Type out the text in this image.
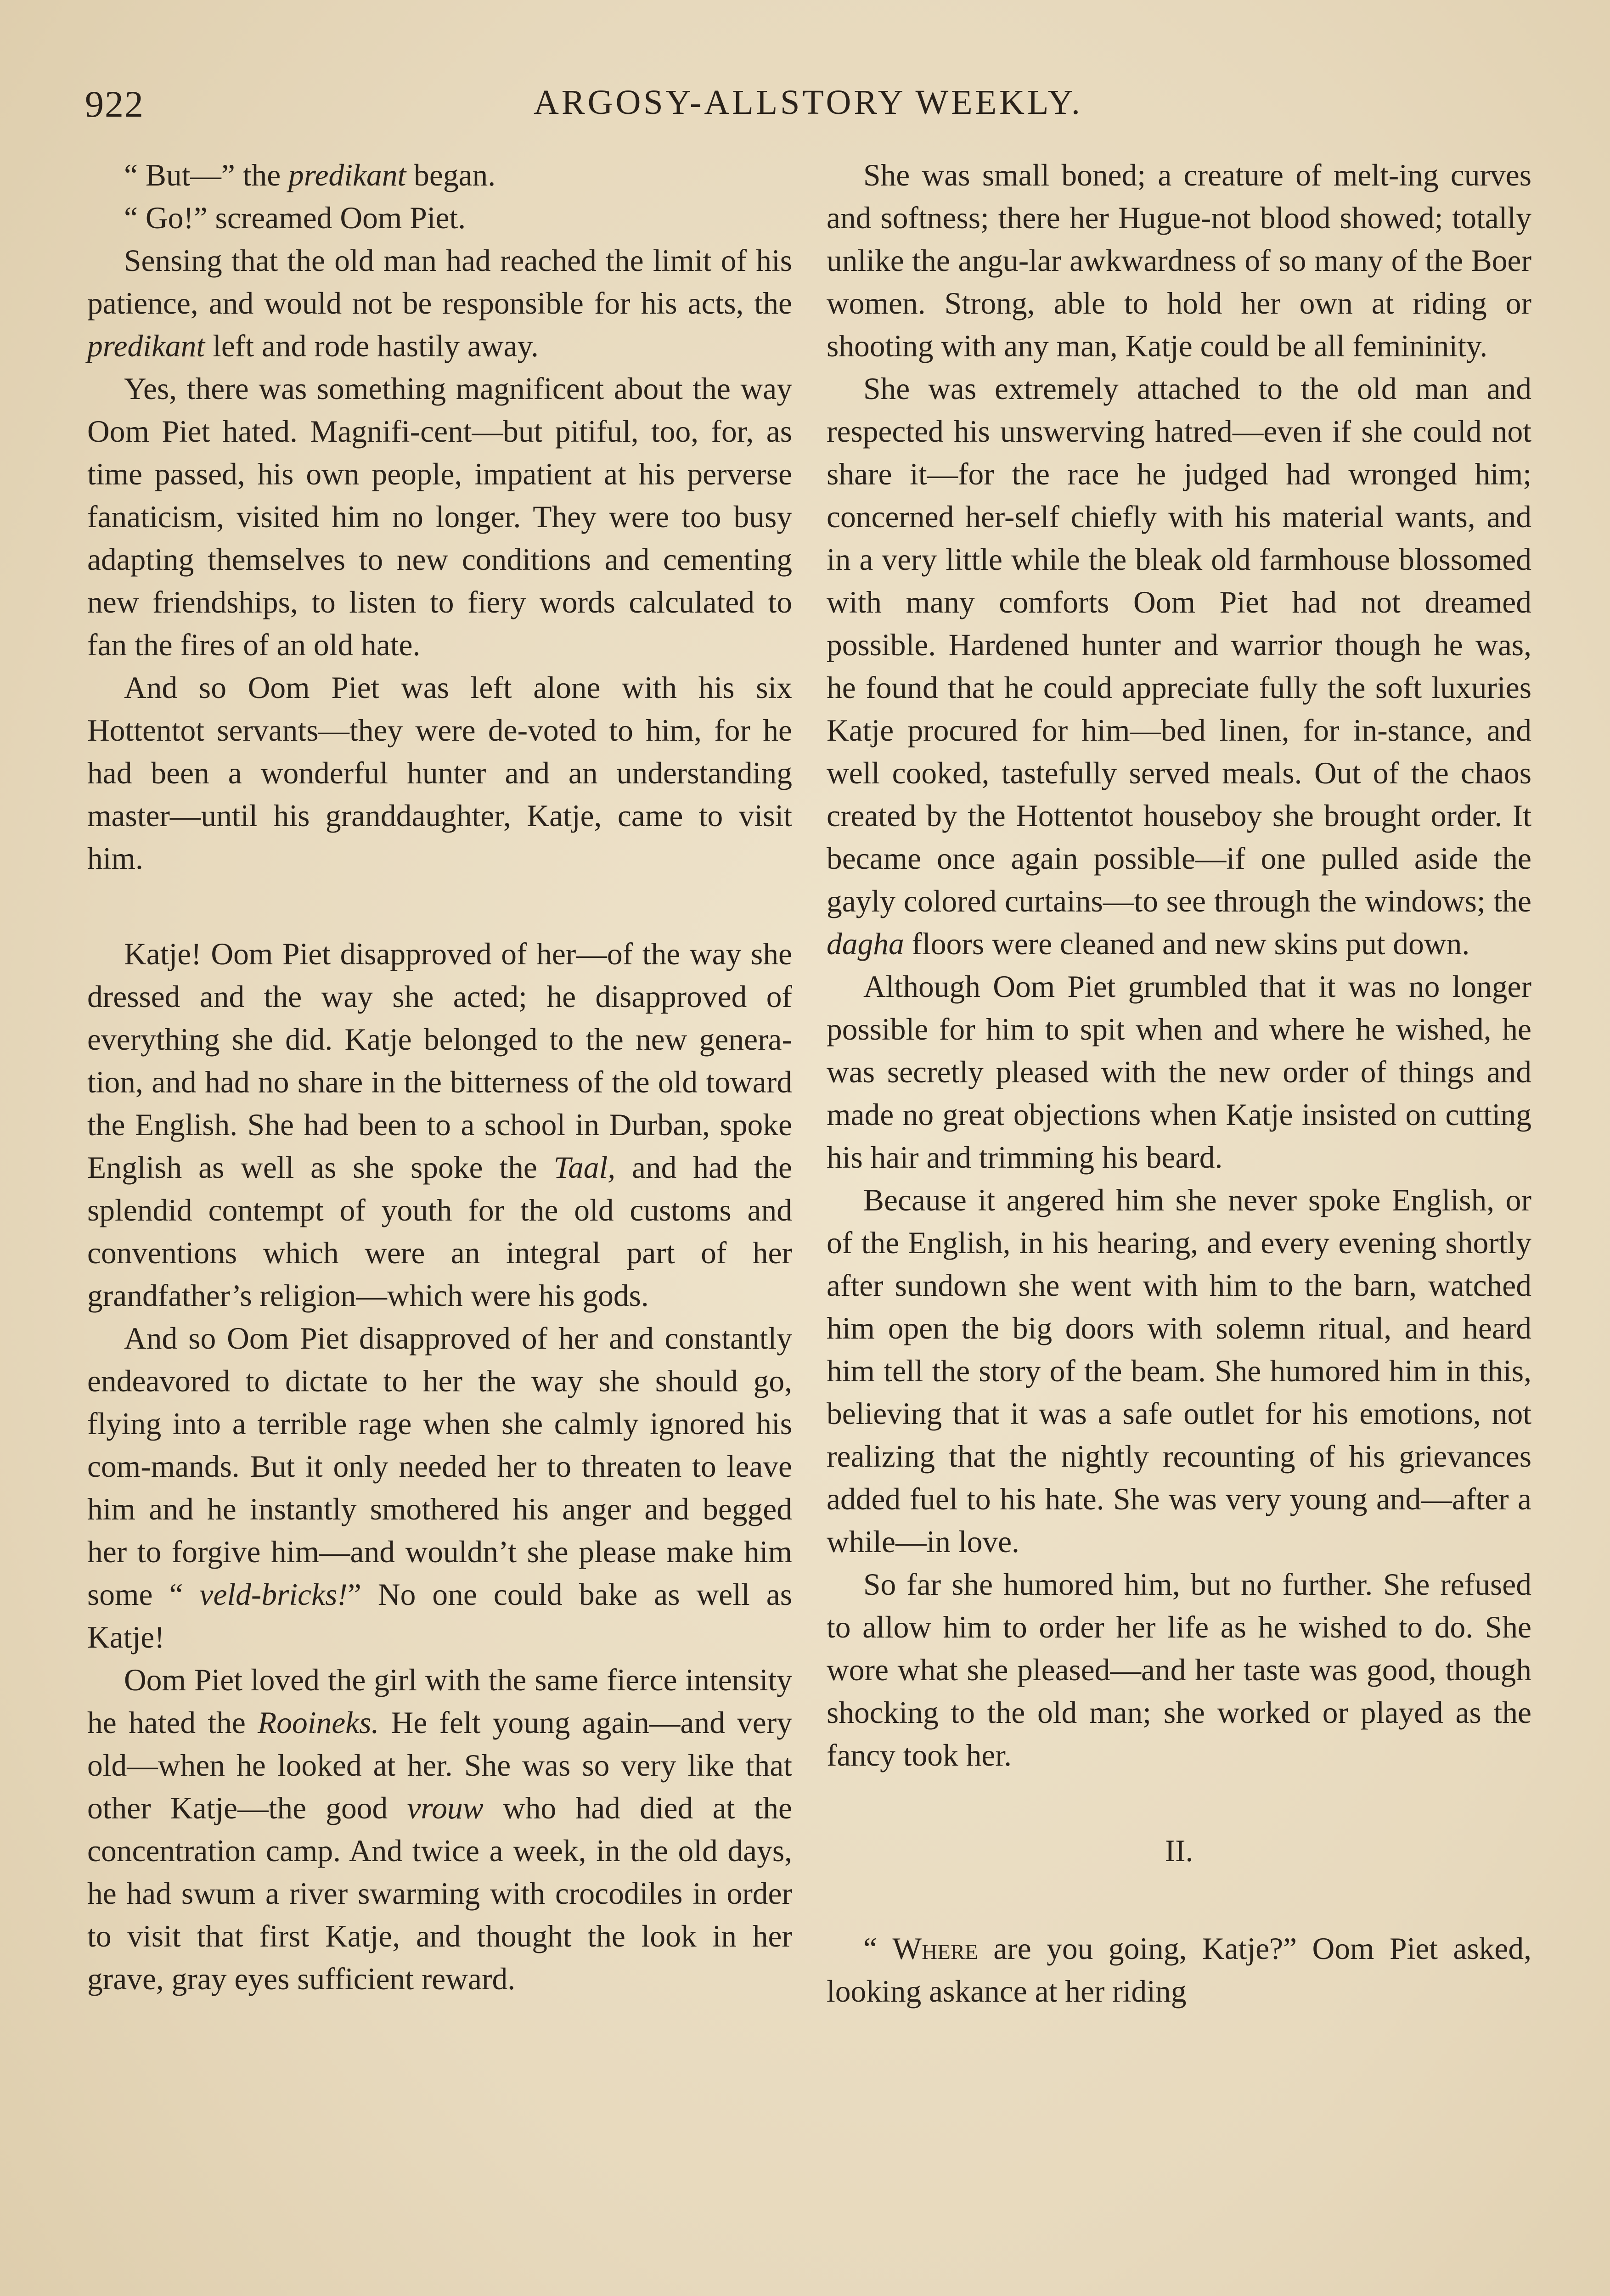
922	ARGOSY-ALLSTORY WEEKLY.

“ But—” the predikant began.

“ Go!” screamed Oom Piet.

Sensing that the old man had reached the limit of his patience, and would not be responsible for his acts, the predikant left and rode hastily away.

Yes, there was something magnificent about the way Oom Piet hated. Magnifi-cent—but pitiful, too, for, as time passed, his own people, impatient at his perverse fanaticism, visited him no longer. They were too busy adapting themselves to new conditions and cementing new friendships, to listen to fiery words calculated to fan the fires of an old hate.

And so Oom Piet was left alone with his six Hottentot servants—they were de-voted to him, for he had been a wonderful hunter and an understanding master—until his granddaughter, Katje, came to visit him.

Katje! Oom Piet disapproved of her—of the way she dressed and the way she acted; he disapproved of everything she did. Katje belonged to the new genera-tion, and had no share in the bitterness of the old toward the English. She had been to a school in Durban, spoke English as well as she spoke the Taal, and had the splendid contempt of youth for the old customs and conventions which were an integral part of her grandfather’s religion—which were his gods.

And so Oom Piet disapproved of her and constantly endeavored to dictate to her the way she should go, flying into a terrible rage when she calmly ignored his com-mands. But it only needed her to threaten to leave him and he instantly smothered his anger and begged her to forgive him—and wouldn’t she please make him some “ veld-bricks!” No one could bake as well as Katje!

Oom Piet loved the girl with the same fierce intensity he hated the Rooineks. He felt young again—and very old—when he looked at her. She was so very like that other Katje—the good vrouw who had died at the concentration camp. And twice a week, in the old days, he had swum a river swarming with crocodiles in order to visit that first Katje, and thought the look in her grave, gray eyes sufficient reward.

She was small boned; a creature of melt-ing curves and softness; there her Hugue-not blood showed; totally unlike the angu-lar awkwardness of so many of the Boer women. Strong, able to hold her own at riding or shooting with any man, Katje could be all femininity.

She was extremely attached to the old man and respected his unswerving hatred—even if she could not share it—for the race he judged had wronged him; concerned her-self chiefly with his material wants, and in a very little while the bleak old farmhouse blossomed with many comforts Oom Piet had not dreamed possible. Hardened hunter and warrior though he was, he found that he could appreciate fully the soft luxuries Katje procured for him—bed linen, for in-stance, and well cooked, tastefully served meals. Out of the chaos created by the Hottentot houseboy she brought order. It became once again possible—if one pulled aside the gayly colored curtains—to see through the windows; the dagha floors were cleaned and new skins put down.

Although Oom Piet grumbled that it was no longer possible for him to spit when and where he wished, he was secretly pleased with the new order of things and made no great objections when Katje insisted on cutting his hair and trimming his beard.

Because it angered him she never spoke English, or of the English, in his hearing, and every evening shortly after sundown she went with him to the barn, watched him open the big doors with solemn ritual, and heard him tell the story of the beam. She humored him in this, believing that it was a safe outlet for his emotions, not realizing that the nightly recounting of his grievances added fuel to his hate. She was very young and—after a while—in love.

So far she humored him, but no further. She refused to allow him to order her life as he wished to do. She wore what she pleased—and her taste was good, though shocking to the old man; she worked or played as the fancy took her.

II.

“ Where are you going, Katje?” Oom Piet asked, looking askance at her riding
